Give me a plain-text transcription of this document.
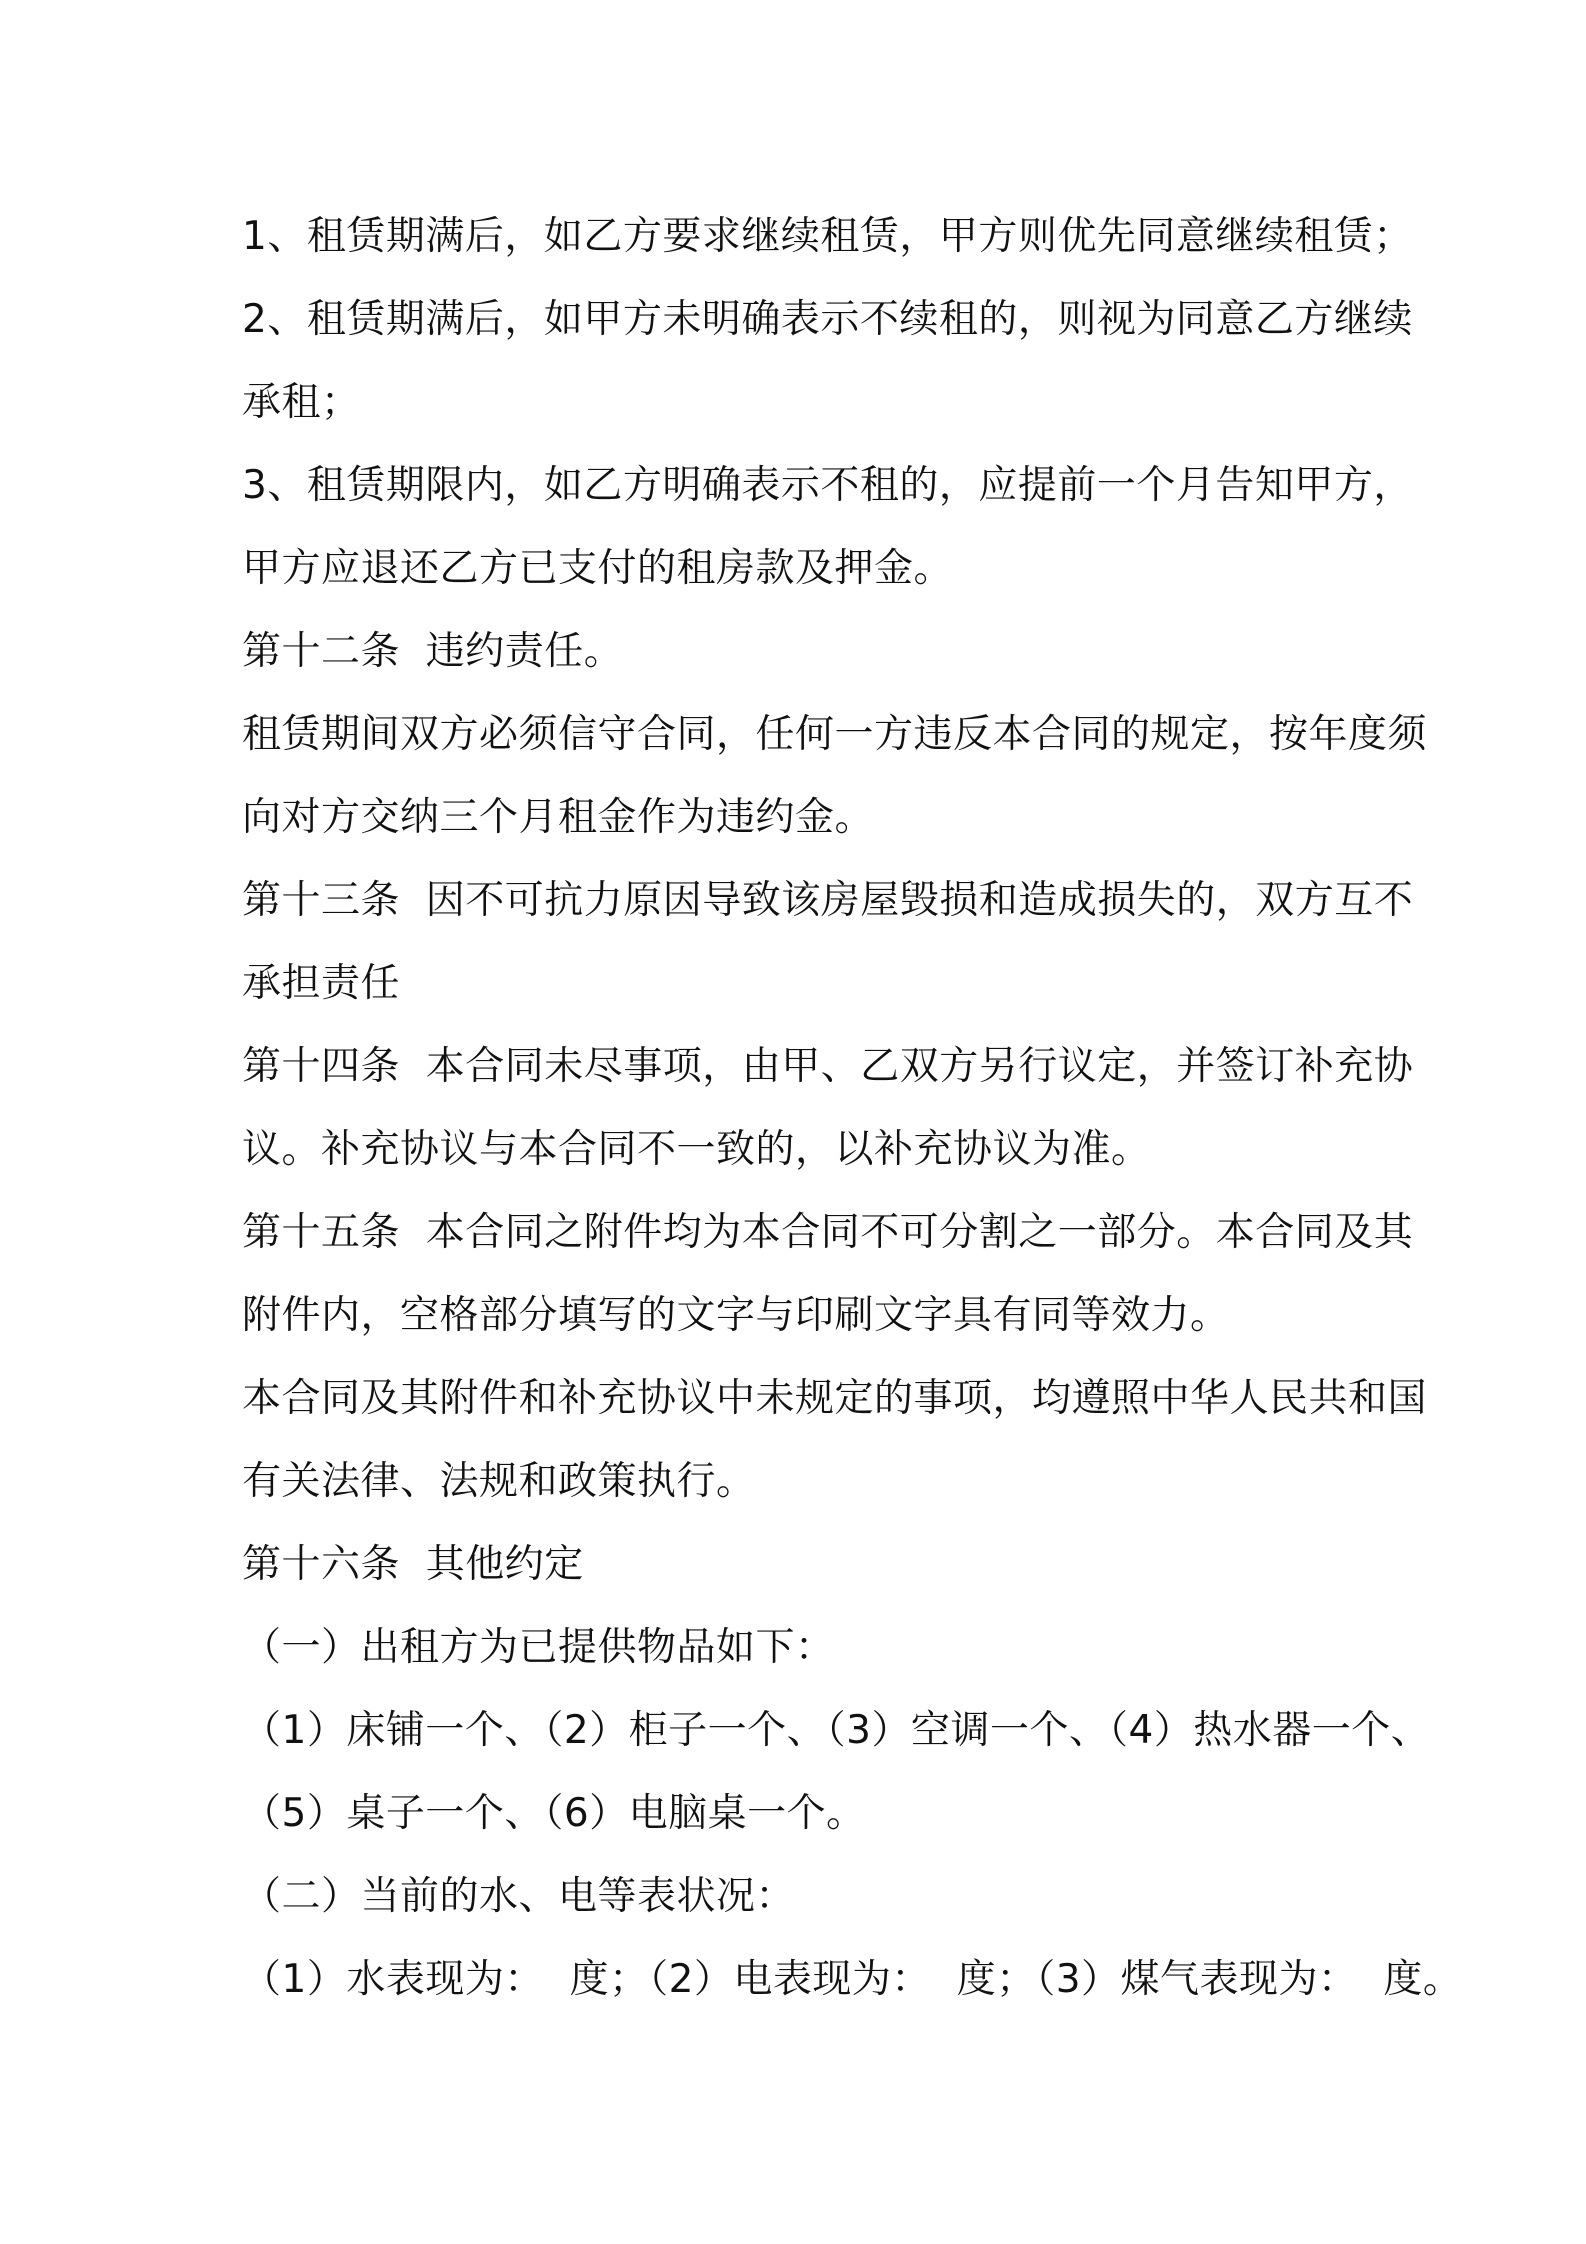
1、租赁期满后，如乙方要求继续租赁，甲方则优先同意继续租赁；
2、租赁期满后，如甲方未明确表示不续租的，则视为同意乙方继续
承租；
3、租赁期限内，如乙方明确表示不租的，应提前一个月告知甲方，
甲方应退还乙方已支付的租房款及押金。
第十二条  违约责任。
租赁期间双方必须信守合同，任何一方违反本合同的规定，按年度须
向对方交纳三个月租金作为违约金。
第十三条  因不可抗力原因导致该房屋毁损和造成损失的，双方互不
承担责任
第十四条  本合同未尽事项，由甲、乙双方另行议定，并签订补充协
议。补充协议与本合同不一致的，以补充协议为准。
第十五条  本合同之附件均为本合同不可分割之一部分。本合同及其
附件内，空格部分填写的文字与印刷文字具有同等效力。
本合同及其附件和补充协议中未规定的事项，均遵照中华人民共和国
有关法律、法规和政策执行。
第十六条  其他约定
（一）出租方为已提供物品如下：
（1）床铺一个、（2）柜子一个、（3）空调一个、（4）热水器一个、
（5）桌子一个、（6）电脑桌一个。
（二）当前的水、电等表状况：
（1）水表现为：  度；（2）电表现为：  度；（3）煤气表现为：  度。
